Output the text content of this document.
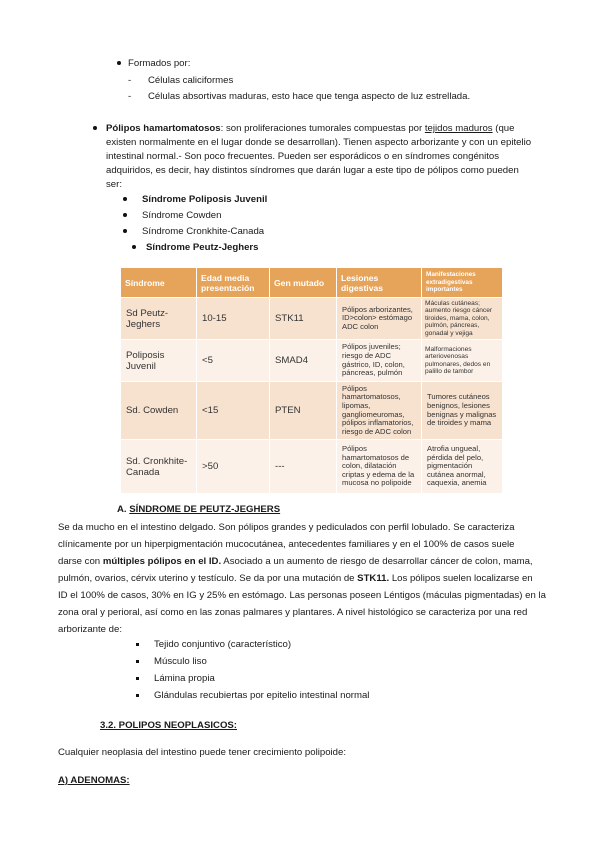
Formados por:
- Células caliciformes
- Células absortivas maduras, esto hace que tenga aspecto de luz estrellada.
Pólipos hamartomatosos: son proliferaciones tumorales compuestas por tejidos maduros (que
existen normalmente en el lugar donde se desarrollan). Tienen aspecto arborizante y con un epitelio
intestinal normal.- Son poco frecuentes. Pueden ser esporádicos o en síndromes congénitos
adquiridos, es decir, hay distintos síndromes que darán lugar a este tipo de pólipos como pueden
ser:
Síndrome Poliposis Juvenil
Síndrome Cowden
Síndrome Cronkhite-Canada
Síndrome Peutz-Jeghers
Síndrome	Edad media presentación	Gen mutado	Lesiones digestivas	Manifestaciones extradigestivas importantes
Sd Peutz-Jeghers	10-15	STK11	Pólipos arborizantes, ID>colon> estómago ADC colon	Máculas cutáneas; aumento riesgo cáncer tiroides, mama, colon, pulmón, páncreas, gonadal y vejiga
Poliposis Juvenil	<5	SMAD4	Pólipos juveniles; riesgo de ADC gástrico, ID, colon, páncreas, pulmón	Malformaciones arteriovenosas pulmonares, dedos en palillo de tambor
Sd. Cowden	<15	PTEN	Pólipos hamartomatosos, lipomas, gangliomeuromas, pólipos inflamatorios, riesgo de ADC colon	Tumores cutáneos benignos, lesiones benignas y malignas de tiroides y mama
Sd. Cronkhite-Canada	>50	---	Pólipos hamartomatosos de colon, dilatación criptas y edema de la mucosa no polipoide	Atrofia ungueal, pérdida del pelo, pigmentación cutánea anormal, caquexia, anemia
A. SÍNDROME DE PEUTZ-JEGHERS
Se da mucho en el intestino delgado. Son pólipos grandes y pediculados con perfil lobulado. Se caracteriza
clínicamente por un hiperpigmentación mucocutánea, antecedentes familiares y en el 100% de casos suele
darse con múltiples pólipos en el ID. Asociado a un aumento de riesgo de desarrollar cáncer de colon, mama,
pulmón, ovarios, cérvix uterino y testículo. Se da por una mutación de STK11. Los pólipos suelen localizarse en
ID el 100% de casos, 30% en IG y 25% en estómago. Las personas poseen Léntigos (máculas pigmentadas) en la
zona oral y perioral, así como en las zonas palmares y plantares. A nivel histológico se caracteriza por una red
arborizante de:
Tejido conjuntivo (característico)
Músculo liso
Lámina propia
Glándulas recubiertas por epitelio intestinal normal
3.2. POLIPOS NEOPLASICOS:
Cualquier neoplasia del intestino puede tener crecimiento polipoide:
A) ADENOMAS:
